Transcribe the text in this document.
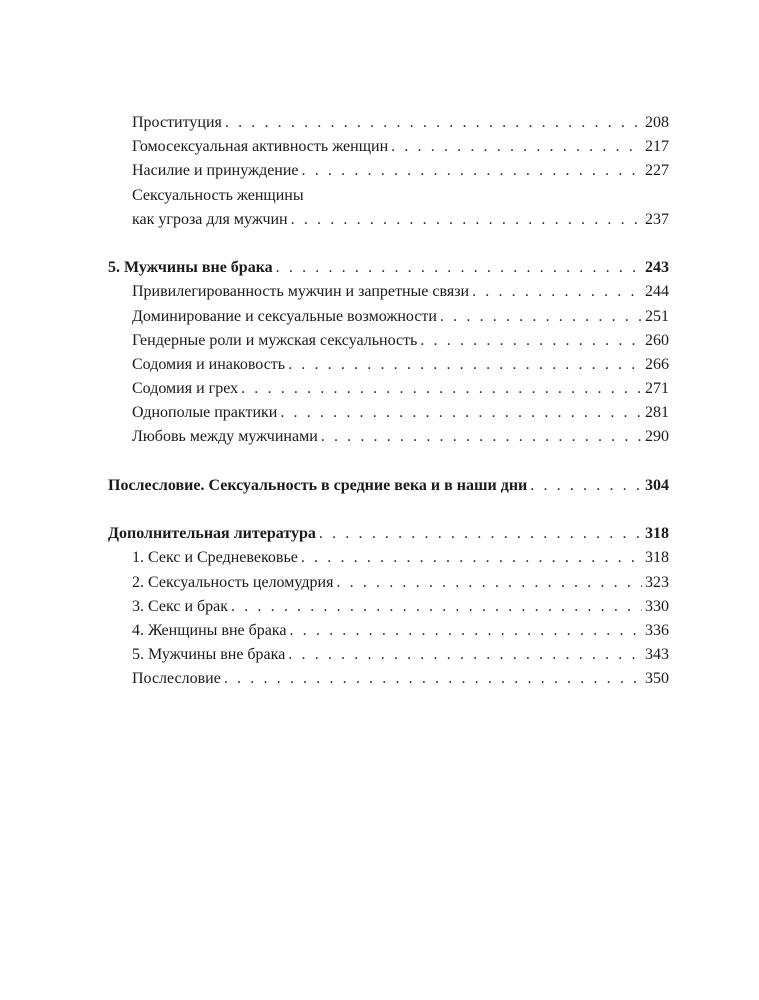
Проституция . . .	208
Гомосексуальная активность женщин . . .	217
Насилие и принуждение . . .	227
Сексуальность женщины
как угроза для мужчин . . .	237
5. Мужчины вне брака . . .	243
Привилегированность мужчин и запретные связи . . .	244
Доминирование и сексуальные возможности . . .	251
Гендерные роли и мужская сексуальность . . .	260
Содомия и инаковость . . .	266
Содомия и грех . . .	271
Однополые практики . . .	281
Любовь между мужчинами . . .	290
Послесловие. Сексуальность в средние века и в наши дни . . .	304
Дополнительная литература . . .	318
1. Секс и Средневековье . . .	318
2. Сексуальность целомудрия . . .	323
3. Секс и брак . . .	330
4. Женщины вне брака . . .	336
5. Мужчины вне брака . . .	343
Послесловие . . .	350
